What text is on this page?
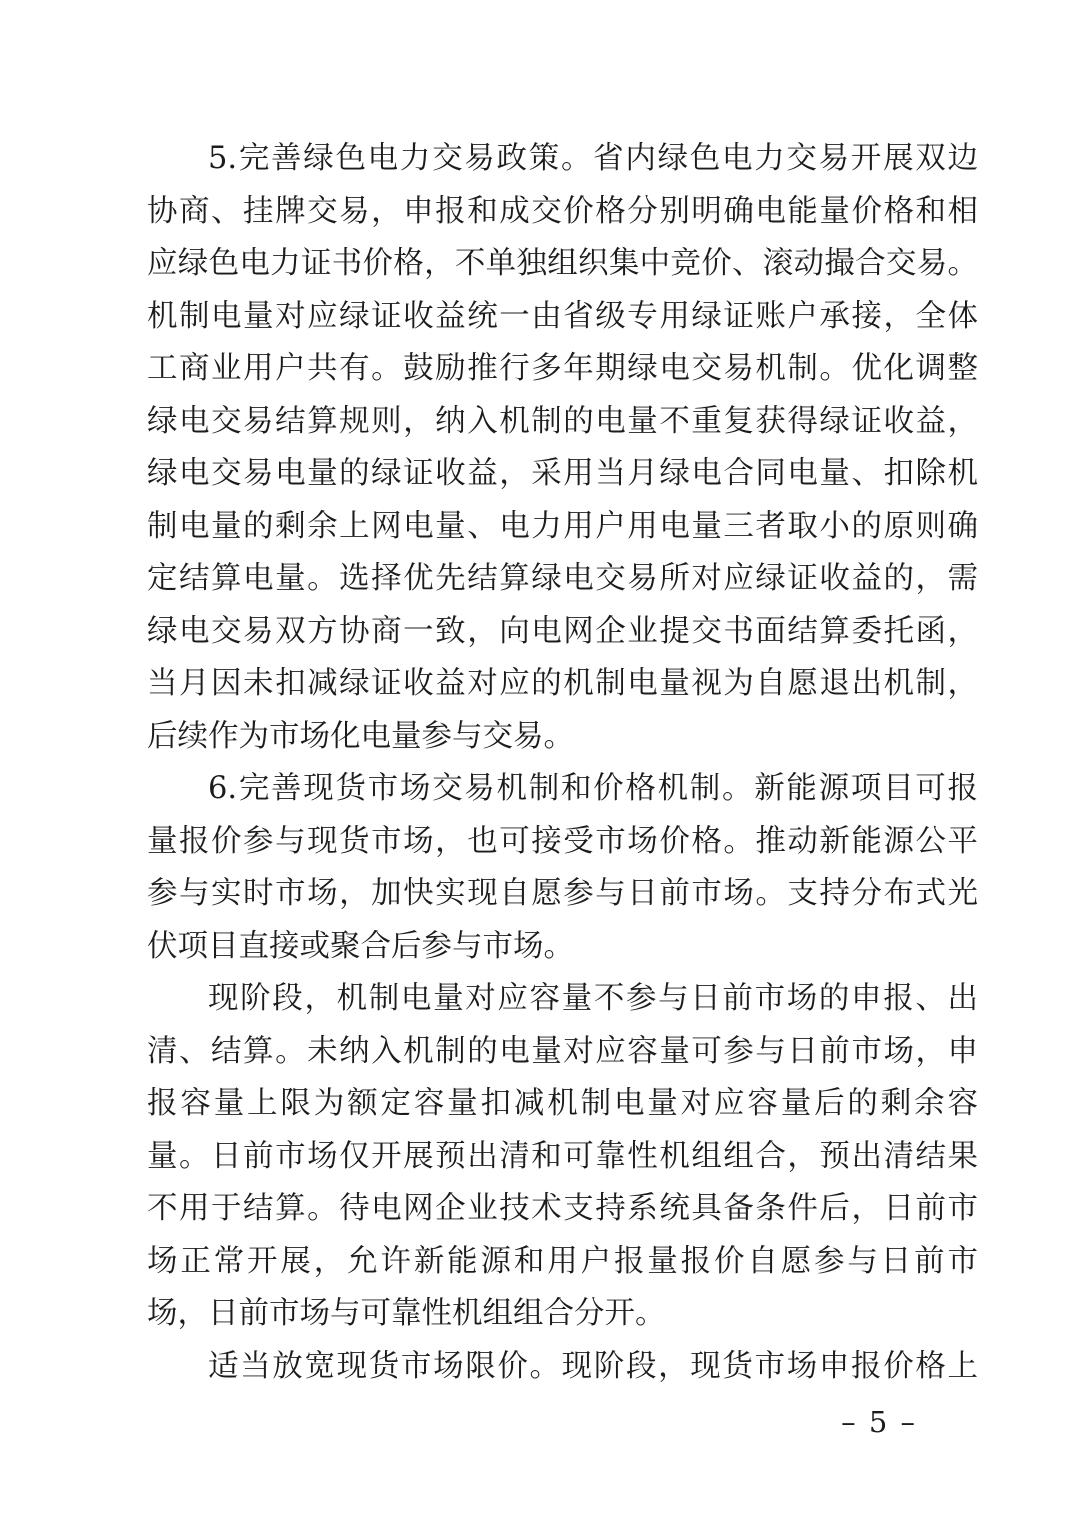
5.完善绿色电力交易政策。省内绿色电力交易开展双边
协商、挂牌交易，申报和成交价格分别明确电能量价格和相
应绿色电力证书价格，不单独组织集中竞价、滚动撮合交易。
机制电量对应绿证收益统一由省级专用绿证账户承接，全体
工商业用户共有。鼓励推行多年期绿电交易机制。优化调整
绿电交易结算规则，纳入机制的电量不重复获得绿证收益，
绿电交易电量的绿证收益，采用当月绿电合同电量、扣除机
制电量的剩余上网电量、电力用户用电量三者取小的原则确
定结算电量。选择优先结算绿电交易所对应绿证收益的，需
绿电交易双方协商一致，向电网企业提交书面结算委托函，
当月因未扣减绿证收益对应的机制电量视为自愿退出机制，
后续作为市场化电量参与交易。

6.完善现货市场交易机制和价格机制。新能源项目可报
量报价参与现货市场，也可接受市场价格。推动新能源公平
参与实时市场，加快实现自愿参与日前市场。支持分布式光
伏项目直接或聚合后参与市场。

现阶段，机制电量对应容量不参与日前市场的申报、出
清、结算。未纳入机制的电量对应容量可参与日前市场，申
报容量上限为额定容量扣减机制电量对应容量后的剩余容
量。日前市场仅开展预出清和可靠性机组组合，预出清结果
不用于结算。待电网企业技术支持系统具备条件后，日前市
场正常开展，允许新能源和用户报量报价自愿参与日前市
场，日前市场与可靠性机组组合分开。

适当放宽现货市场限价。现阶段，现货市场申报价格上

– 5 –
